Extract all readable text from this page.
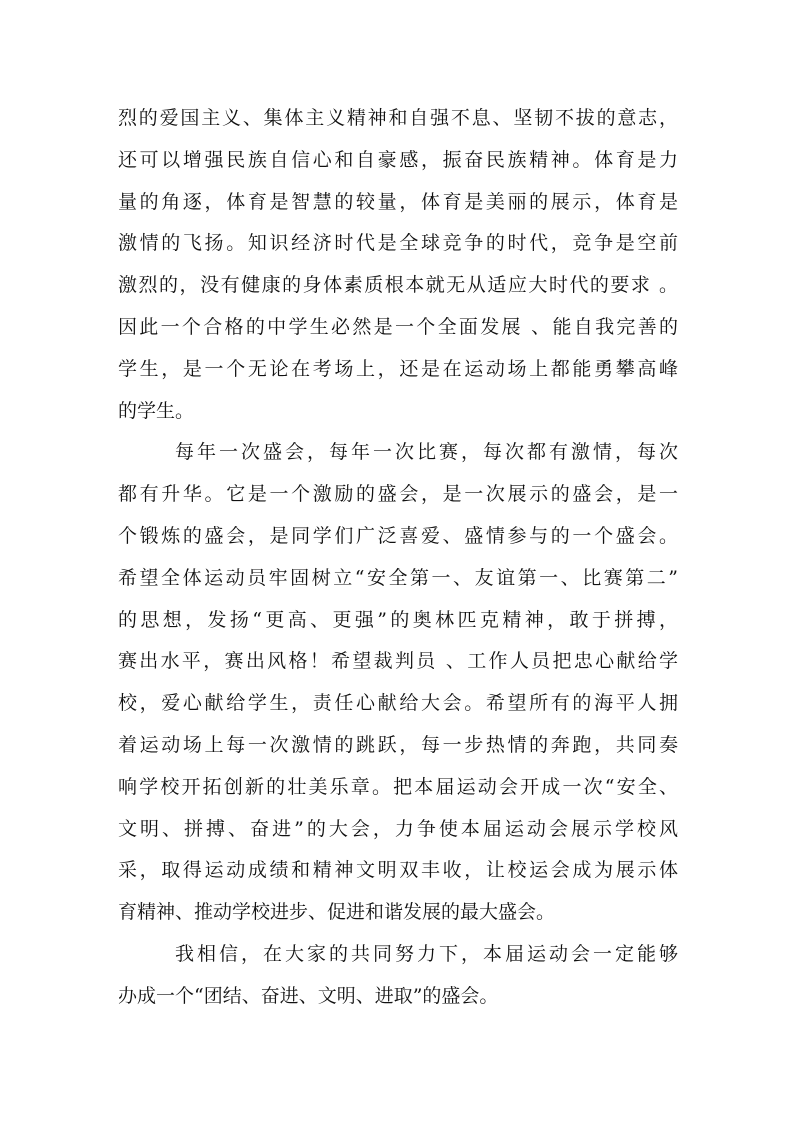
烈的爱国主义、集体主义精神和自强不息、坚韧不拔的意志，
还可以增强民族自信心和自豪感，振奋民族精神。体育是力
量的角逐，体育是智慧的较量，体育是美丽的展示，体育是
激情的飞扬。知识经济时代是全球竞争的时代，竞争是空前
激烈的，没有健康的身体素质根本就无从适应大时代的要求 。
因此一个合格的中学生必然是一个全面发展 、能自我完善的
学生，是一个无论在考场上，还是在运动场上都能勇攀高峰
的学生。
每年一次盛会，每年一次比赛，每次都有激情，每次
都有升华。它是一个激励的盛会，是一次展示的盛会，是一
个锻炼的盛会，是同学们广泛喜爱、盛情参与的一个盛会。
希望全体运动员牢固树立“安全第一、友谊第一、比赛第二”
的思想，发扬“更高、更强”的奥林匹克精神，敢于拼搏，
赛出水平，赛出风格！希望裁判员 、工作人员把忠心献给学
校，爱心献给学生，责任心献给大会。希望所有的海平人拥
着运动场上每一次激情的跳跃，每一步热情的奔跑，共同奏
响学校开拓创新的壮美乐章。把本届运动会开成一次“安全、
文明、拼搏、奋进”的大会，力争使本届运动会展示学校风
采，取得运动成绩和精神文明双丰收，让校运会成为展示体
育精神、推动学校进步、促进和谐发展的最大盛会。
我相信，在大家的共同努力下，本届运动会一定能够
办成一个“团结、奋进、文明、进取”的盛会。
